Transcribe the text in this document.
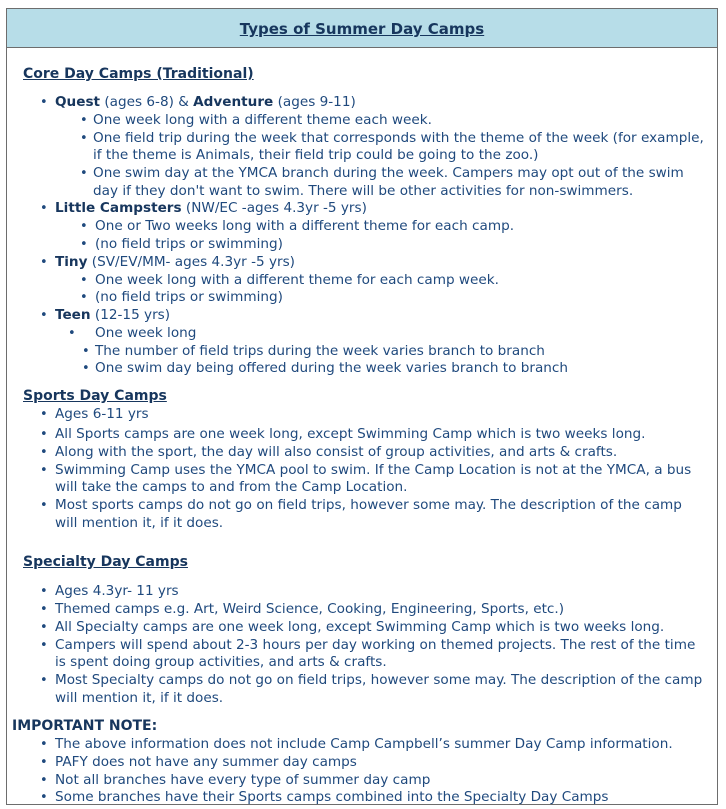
Types of Summer Day Camps
Core Day Camps (Traditional)
• Quest (ages 6-8) & Adventure (ages 9-11)
• One week long with a different theme each week.
• One field trip during the week that corresponds with the theme of the week (for example,
if the theme is Animals, their field trip could be going to the zoo.)
• One swim day at the YMCA branch during the week. Campers may opt out of the swim
day if they don't want to swim. There will be other activities for non-swimmers.
• Little Campsters (NW/EC -ages 4.3yr -5 yrs)
• One or Two weeks long with a different theme for each camp.
• (no field trips or swimming)
• Tiny (SV/EV/MM- ages 4.3yr -5 yrs)
• One week long with a different theme for each camp week.
• (no field trips or swimming)
• Teen (12-15 yrs)
• One week long
• The number of field trips during the week varies branch to branch
• One swim day being offered during the week varies branch to branch
Sports Day Camps
• Ages 6-11 yrs
• All Sports camps are one week long, except Swimming Camp which is two weeks long.
• Along with the sport, the day will also consist of group activities, and arts & crafts.
• Swimming Camp uses the YMCA pool to swim. If the Camp Location is not at the YMCA, a bus
will take the camps to and from the Camp Location.
• Most sports camps do not go on field trips, however some may. The description of the camp
will mention it, if it does.
Specialty Day Camps
• Ages 4.3yr- 11 yrs
• Themed camps e.g. Art, Weird Science, Cooking, Engineering, Sports, etc.)
• All Specialty camps are one week long, except Swimming Camp which is two weeks long.
• Campers will spend about 2-3 hours per day working on themed projects. The rest of the time
is spent doing group activities, and arts & crafts.
• Most Specialty camps do not go on field trips, however some may. The description of the camp
will mention it, if it does.
IMPORTANT NOTE:
• The above information does not include Camp Campbell’s summer Day Camp information.
• PAFY does not have any summer day camps
• Not all branches have every type of summer day camp
• Some branches have their Sports camps combined into the Specialty Day Camps
